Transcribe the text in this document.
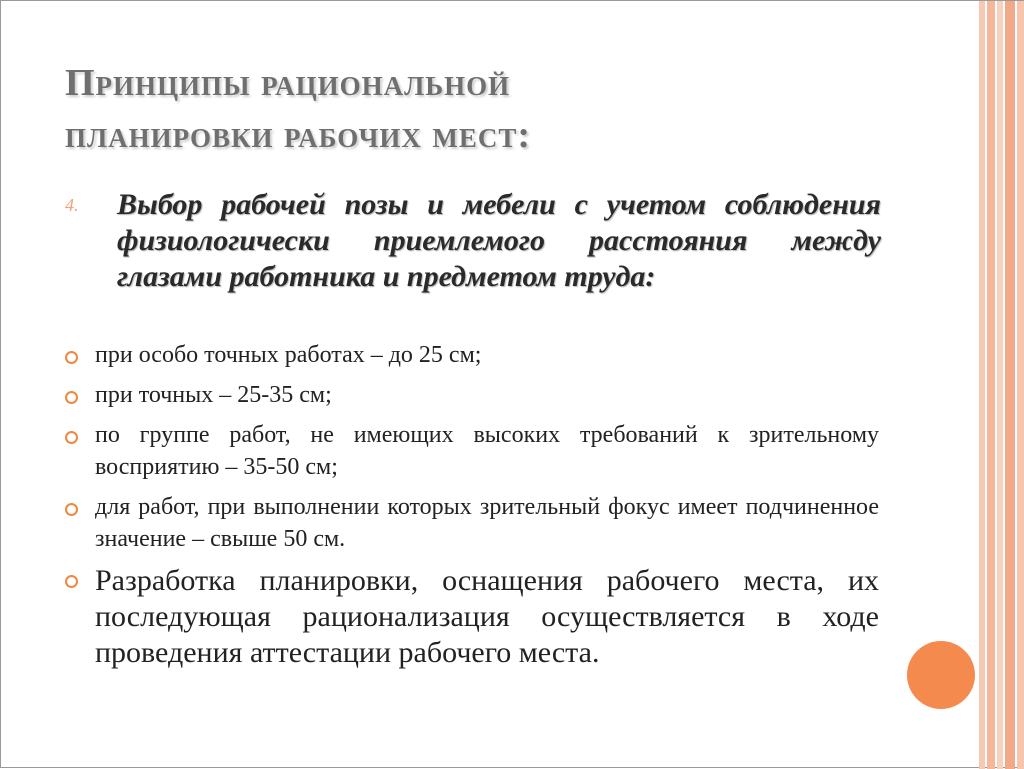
Принципы рациональной
планировки рабочих мест:
4. Выбор рабочей позы и мебели с учетом соблюдения физиологически приемлемого расстояния между глазами работника и предметом труда:
при особо точных работах – до 25 см;
при точных – 25-35 см;
по группе работ, не имеющих высоких требований к зрительному восприятию – 35-50 см;
для работ, при выполнении которых зрительный фокус имеет подчиненное значение – свыше 50 см.
Разработка планировки, оснащения рабочего места, их последующая рационализация осуществляется в ходе проведения аттестации рабочего места.
